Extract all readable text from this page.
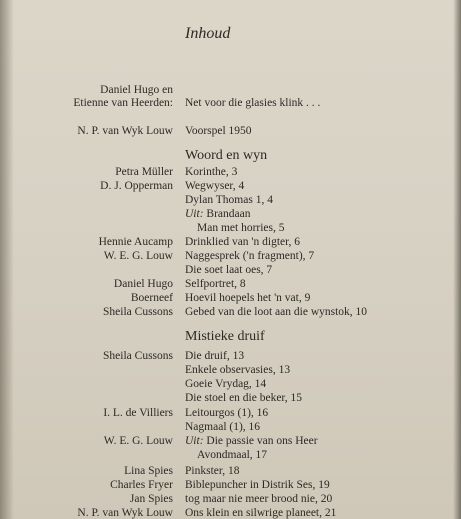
Inhoud
Daniel Hugo en
Etienne van Heerden: Net voor die glasies klink . . .
N. P. van Wyk Louw Voorspel 1950
Woord en wyn
Petra Müller Korinthe, 3
D. J. Opperman Wegwyser, 4
Dylan Thomas 1, 4
Uit: Brandaan
Man met horries, 5
Hennie Aucamp Drinklied van 'n digter, 6
W. E. G. Louw Naggesprek ('n fragment), 7
Die soet laat oes, 7
Daniel Hugo Selfportret, 8
Boerneef Hoevil hoepels het 'n vat, 9
Sheila Cussons Gebed van die loot aan die wynstok, 10
Mistieke druif
Sheila Cussons Die druif, 13
Enkele observasies, 13
Goeie Vrydag, 14
Die stoel en die beker, 15
I. L. de Villiers Leitourgos (1), 16
Nagmaal (1), 16
W. E. G. Louw Uit: Die passie van ons Heer
Avondmaal, 17
Lina Spies Pinkster, 18
Charles Fryer Biblepuncher in Distrik Ses, 19
Jan Spies tog maar nie meer brood nie, 20
N. P. van Wyk Louw Ons klein en silwrige planeet, 21
